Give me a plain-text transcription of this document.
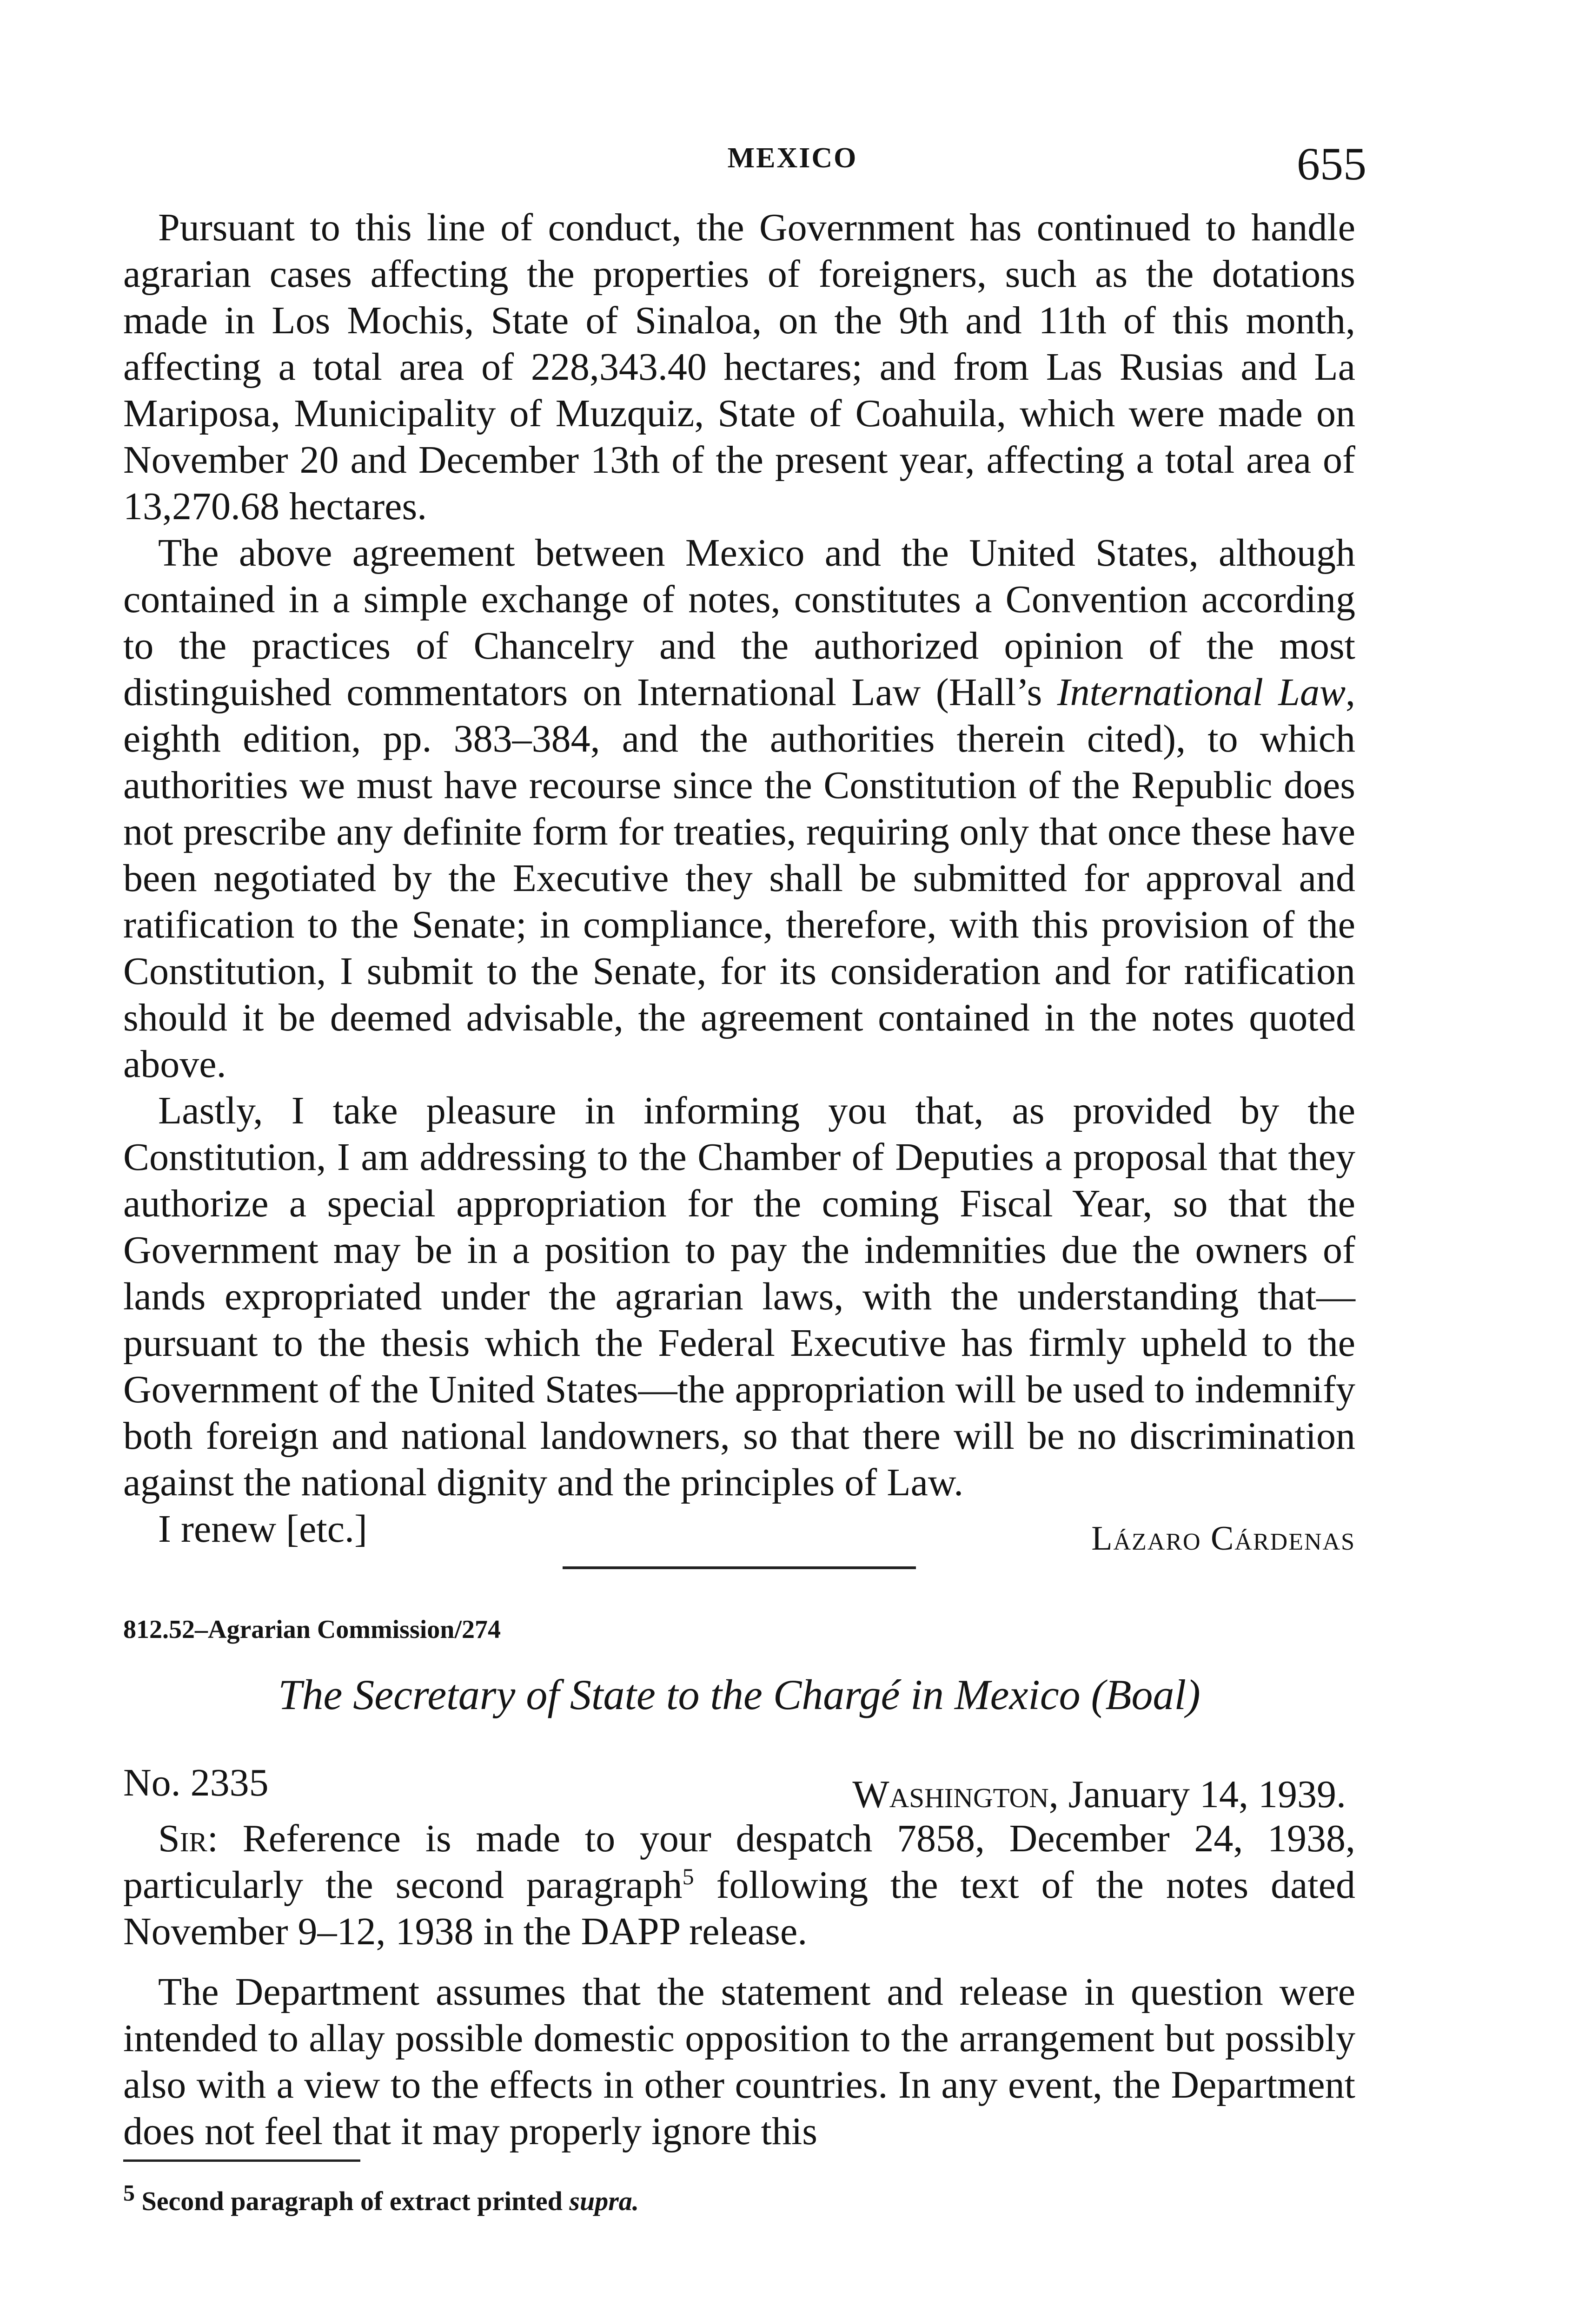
MEXICO	655

Pursuant to this line of conduct, the Government has continued to handle agrarian cases affecting the properties of foreigners, such as the dotations made in Los Mochis, State of Sinaloa, on the 9th and 11th of this month, affecting a total area of 228,343.40 hectares; and from Las Rusias and La Mariposa, Municipality of Muzquiz, State of Coahuila, which were made on November 20 and December 13th of the present year, affecting a total area of 13,270.68 hectares.

The above agreement between Mexico and the United States, although contained in a simple exchange of notes, constitutes a Convention according to the practices of Chancelry and the authorized opinion of the most distinguished commentators on International Law (Hall’s International Law, eighth edition, pp. 383–384, and the authorities therein cited), to which authorities we must have recourse since the Constitution of the Republic does not prescribe any definite form for treaties, requiring only that once these have been negotiated by the Executive they shall be submitted for approval and ratification to the Senate; in compliance, therefore, with this provision of the Constitution, I submit to the Senate, for its consideration and for ratification should it be deemed advisable, the agreement contained in the notes quoted above.

Lastly, I take pleasure in informing you that, as provided by the Constitution, I am addressing to the Chamber of Deputies a proposal that they authorize a special appropriation for the coming Fiscal Year, so that the Government may be in a position to pay the indemnities due the owners of lands expropriated under the agrarian laws, with the understanding that—pursuant to the thesis which the Federal Executive has firmly upheld to the Government of the United States—the appropriation will be used to indemnify both foreign and national landowners, so that there will be no discrimination against the national dignity and the principles of Law.

I renew [etc.]	Lázaro Cárdenas
812.52–Agrarian Commission/274
The Secretary of State to the Chargé in Mexico (Boal)
No. 2335	Washington, January 14, 1939.

Sir: Reference is made to your despatch 7858, December 24, 1938, particularly the second paragraph$^5$ following the text of the notes dated November 9–12, 1938 in the DAPP release.

The Department assumes that the statement and release in question were intended to allay possible domestic opposition to the arrangement but possibly also with a view to the effects in other countries. In any event, the Department does not feel that it may properly ignore this

$^5$ Second paragraph of extract printed supra.
